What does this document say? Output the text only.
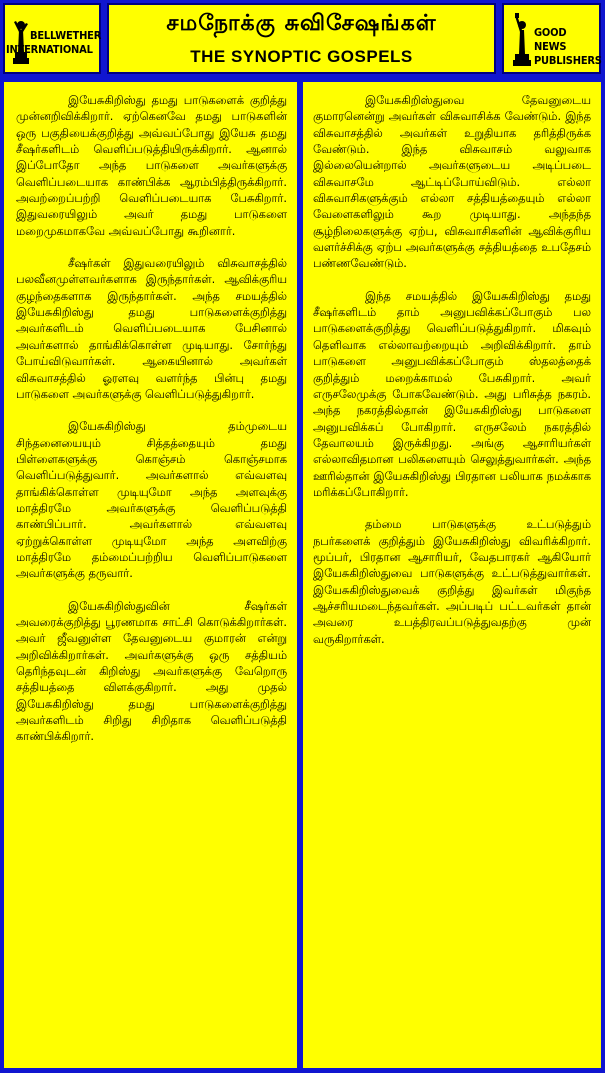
BELLWETHER
INTERNATIONAL
சமநோக்கு சுவிசேஷங்கள்
THE SYNOPTIC GOSPELS
GOOD NEWS
PUBLISHERS

இயேசுகிறிஸ்து தமது பாடுகளைக் குறித்து முன்னறிவிக்கிறார். ஏற்கெனவே தமது பாடுகளின் ஒரு பகுதியைக்குறித்து அவ்வப்போது இயேசு தமது சீஷர்களிடம் வெளிப்படுத்தியிருக்கிறார். ஆனால் இப்போதோ அந்த பாடுகளை அவர்களுக்கு வெளிப்படையாக காண்பிக்க ஆரம்பித்திருக்கிறார். அவற்றைப்பற்றி வெளிப்படையாக பேசுகிறார். இதுவரையிலும் அவர் தமது பாடுகளை மறைமுகமாகவே அவ்வப்போது கூறினார்.

சீஷர்கள் இதுவரையிலும் விசுவாசத்தில் பலவீனமுள்ளவர்களாக இருந்தார்கள். ஆவிக்குரிய குழந்தைகளாக இருந்தார்கள். அந்த சமயத்தில் இயேசுகிறிஸ்து தமது பாடுகளைக்குறித்து அவர்களிடம் வெளிப்படையாக பேசினால் அவர்களால் தாங்கிக்கொள்ள முடியாது. சோர்ந்து போய்விடுவார்கள். ஆகையினால் அவர்கள் விசுவாசத்தில் ஓரளவு வளர்ந்த பின்பு தமது பாடுகளை அவர்களுக்கு வெளிப்படுத்துகிறார்.

இயேசுகிறிஸ்து தம்முடைய சிந்தனையையும் சித்தத்தையும் தமது பிள்ளைகளுக்கு கொஞ்சம் கொஞ்சமாக வெளிப்படுத்துவார். அவர்களால் எவ்வளவு தாங்கிக்கொள்ள முடியுமோ அந்த அளவுக்கு மாத்திரமே அவர்களுக்கு வெளிப்படுத்தி காண்பிப்பார். அவர்களால் எவ்வளவு ஏற்றுக்கொள்ள முடியுமோ அந்த அளவிற்கு மாத்திரமே தம்மைப்பற்றிய வெளிப்பாடுகளை அவர்களுக்கு தருவார்.

இயேசுகிறிஸ்துவின் சீஷர்கள் அவரைக்குறித்து பூரணமாக சாட்சி கொடுக்கிறார்கள். அவர் ஜீவனுள்ள தேவனுடைய குமாரன் என்று அறிவிக்கிறார்கள். அவர்களுக்கு ஒரு சத்தியம் தெரிந்தவுடன் கிறிஸ்து அவர்களுக்கு வேறொரு சத்தியத்தை விளக்குகிறார். அது முதல் இயேசுகிறிஸ்து தமது பாடுகளைக்குறித்து அவர்களிடம் சிறிது சிறிதாக வெளிப்படுத்தி காண்பிக்கிறார்.

இயேசுகிறிஸ்துவை தேவனுடைய குமாரனென்று அவர்கள் விசுவாசிக்க வேண்டும். இந்த விசுவாசத்தில் அவர்கள் உறுதியாக தரித்திருக்க வேண்டும். இந்த விசுவாசம் வலுவாக இல்லையென்றால் அவர்களுடைய அடிப்படை விசுவாசமே ஆட்டிப்போய்விடும். எல்லா விசுவாசிகளுக்கும் எல்லா சத்தியத்தையும் எல்லா வேளைகளிலும் கூற முடியாது. அந்தந்த சூழ்நிலைகளுக்கு ஏற்ப, விசுவாசிகளின் ஆவிக்குரிய வளர்ச்சிக்கு ஏற்ப அவர்களுக்கு சத்தியத்தை உபதேசம் பண்ணவேண்டும்.

இந்த சமயத்தில் இயேசுகிறிஸ்து தமது சீஷர்களிடம் தாம் அனுபவிக்கப்போகும் பல பாடுகளைக்குறித்து வெளிப்படுத்துகிறார். மிகவும் தெளிவாக எல்லாவற்றையும் அறிவிக்கிறார். தாம் பாடுகளை அனுபவிக்கப்போகும் ஸ்தலத்தைக் குறித்தும் மறைக்காமல் பேசுகிறார். அவர் எருசலேமுக்கு போகவேண்டும். அது பரிசுத்த நகரம். அந்த நகரத்தில்தான் இயேசுகிறிஸ்து பாடுகளை அனுபவிக்கப் போகிறார். எருசலேம் நகரத்தில் தேவாலயம் இருக்கிறது. அங்கு ஆசாரியர்கள் எல்லாவிதமான பலிகளையும் செலுத்துவார்கள். அந்த ஊரில்தான் இயேசுகிறிஸ்து பிரதான பலியாக நமக்காக மரிக்கப்போகிறார்.

தம்மை பாடுகளுக்கு உட்படுத்தும் நபர்களைக் குறித்தும் இயேசுகிறிஸ்து விவரிக்கிறார். மூப்பர், பிரதான ஆசாரியர், வேதபாரகர் ஆகியோர் இயேசுகிறிஸ்துவை பாடுகளுக்கு உட்படுத்துவார்கள். இயேசுகிறிஸ்துவைக் குறித்து இவர்கள் மிகுந்த ஆச்சரியமடைந்தவர்கள். அப்படிப் பட்டவர்கள் தான் அவரை உபத்திரவப்படுத்துவதற்கு முன் வருகிறார்கள்.
